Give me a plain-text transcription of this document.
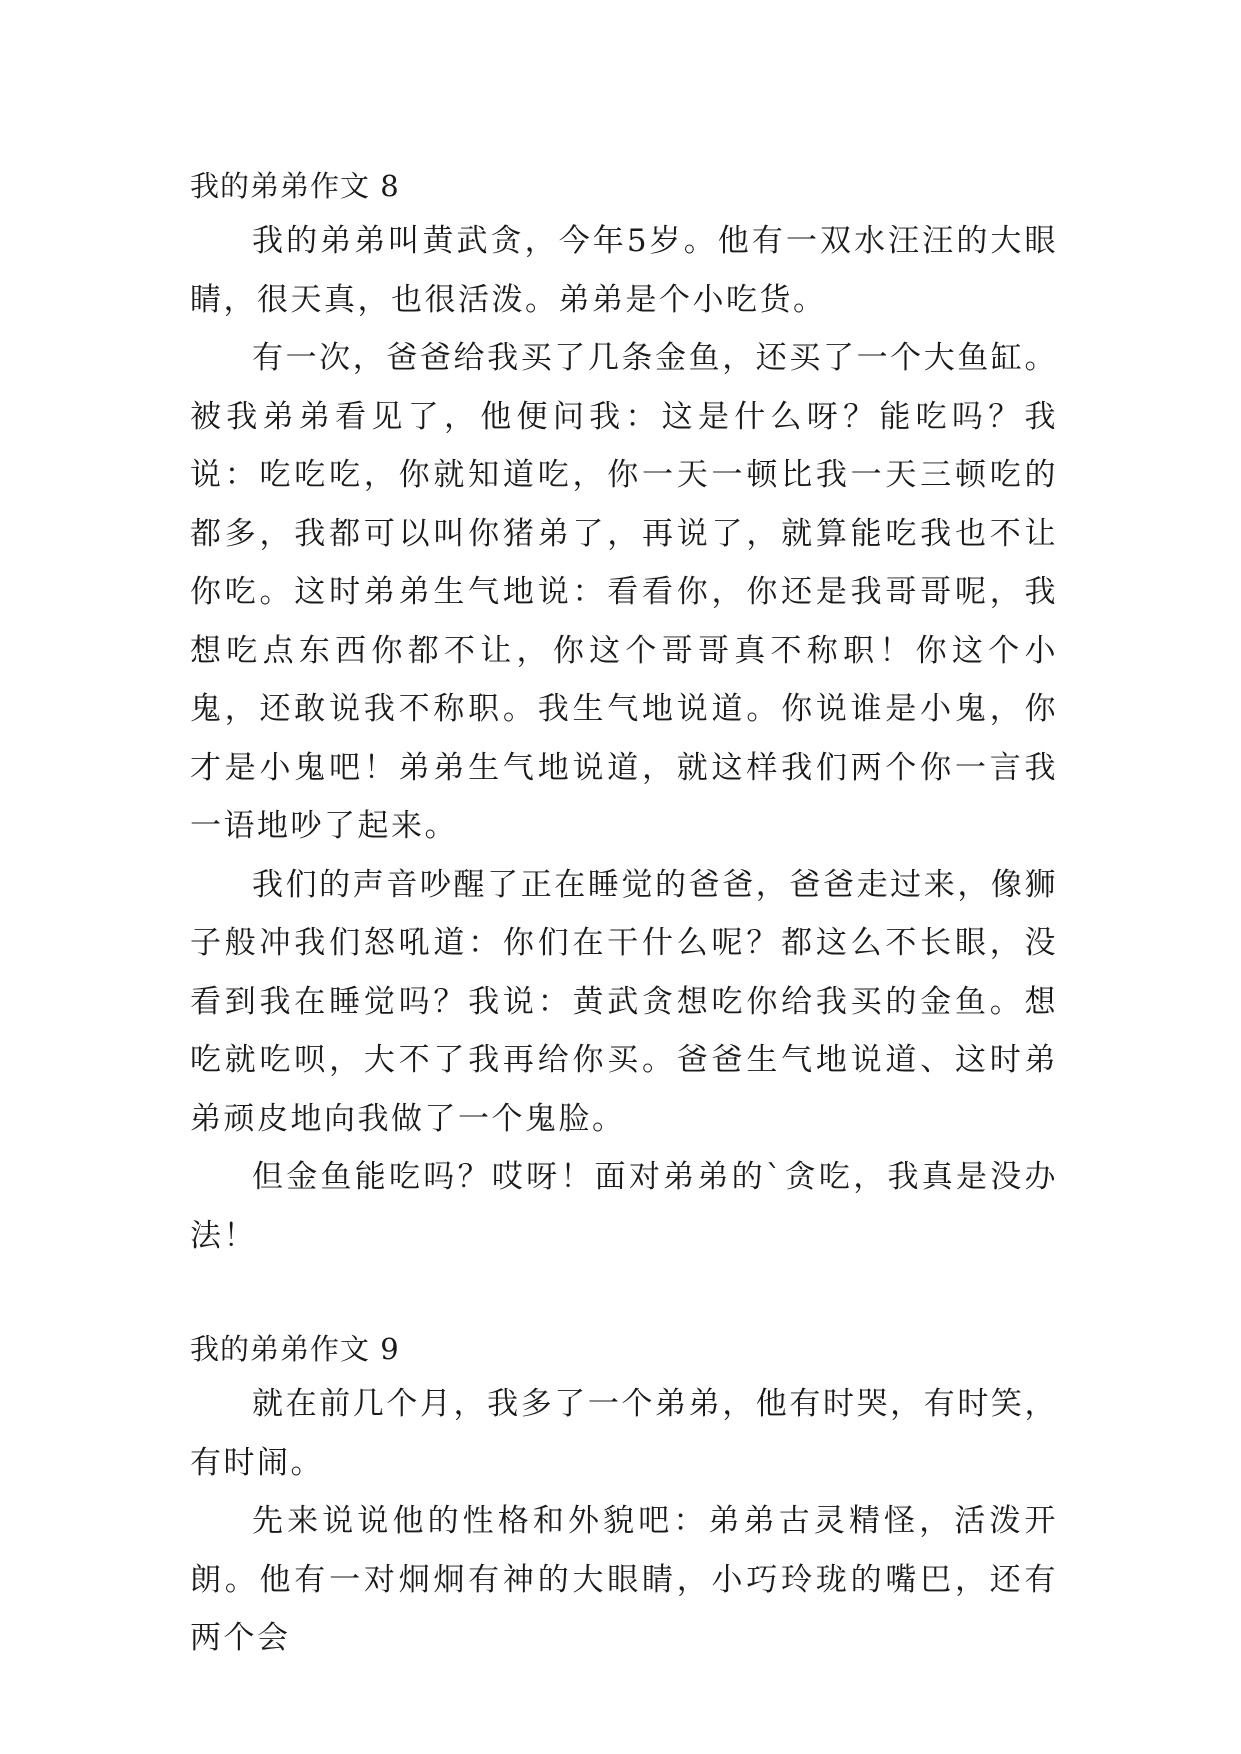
我的弟弟作文 8

我的弟弟叫黄武贪，今年5岁。他有一双水汪汪的大眼睛，很天真，也很活泼。弟弟是个小吃货。

有一次，爸爸给我买了几条金鱼，还买了一个大鱼缸。被我弟弟看见了，他便问我：这是什么呀？能吃吗？我说：吃吃吃，你就知道吃，你一天一顿比我一天三顿吃的都多，我都可以叫你猪弟了，再说了，就算能吃我也不让你吃。这时弟弟生气地说：看看你，你还是我哥哥呢，我想吃点东西你都不让，你这个哥哥真不称职！你这个小鬼，还敢说我不称职。我生气地说道。你说谁是小鬼，你才是小鬼吧！弟弟生气地说道，就这样我们两个你一言我一语地吵了起来。

我们的声音吵醒了正在睡觉的爸爸，爸爸走过来，像狮子般冲我们怒吼道：你们在干什么呢？都这么不长眼，没看到我在睡觉吗？我说：黄武贪想吃你给我买的金鱼。想吃就吃呗，大不了我再给你买。爸爸生气地说道、这时弟弟顽皮地向我做了一个鬼脸。

但金鱼能吃吗？哎呀！面对弟弟的`贪吃，我真是没办法！

我的弟弟作文 9

就在前几个月，我多了一个弟弟，他有时哭，有时笑，有时闹。

先来说说他的性格和外貌吧：弟弟古灵精怪，活泼开朗。他有一对炯炯有神的大眼睛，小巧玲珑的嘴巴，还有两个会
